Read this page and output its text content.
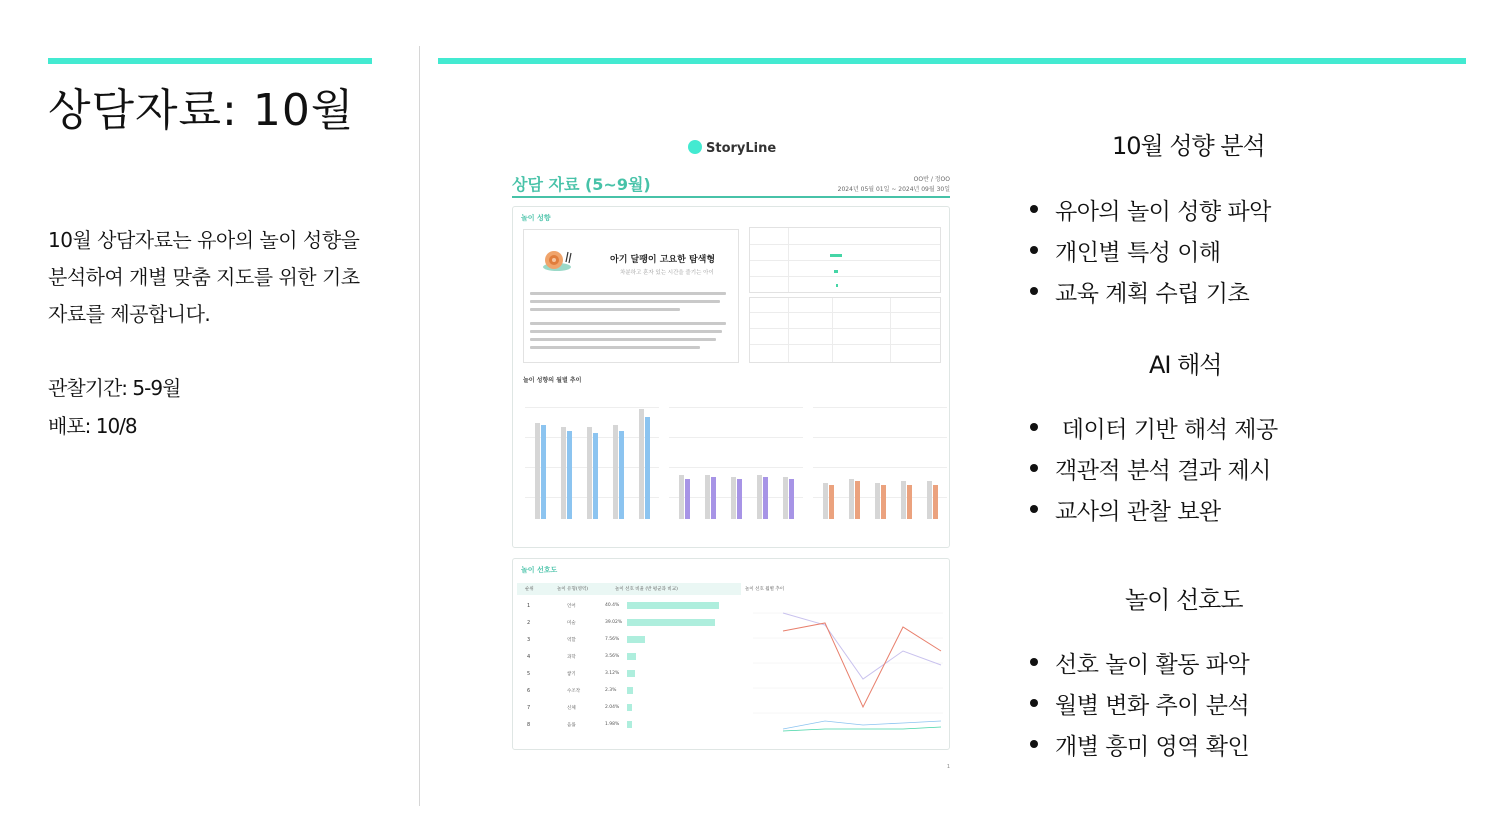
상담자료: 10월
10월 상담자료는 유아의 놀이 성향을 분석하여 개별 맞춤 지도를 위한 기초 자료를 제공합니다.
관찰기간: 5-9월
배포: 10/8
StoryLine
상담 자료 (5~9월)	OO반 / 정OO
2024년 05월 01일 ~ 2024년 09월 30일
놀이 성향
아기 달팽이 고요한 탐색형
차분하고 혼자 있는 시간을 즐기는 아이
놀이 성향의 월별 추이
놀이 선호도
순위	놀이 유형(영역)	놀이 선호 비율 (반 평균과 비교)	놀이 선호 월별 추이
1	언어	40.4%
2	미술	39.02%
3	역할	7.56%
4	과학	3.56%
5	쌓기	3.12%
6	수조작	2.3%
7	신체	2.04%
8	음률	1.98%
1
10월 성향 분석
유아의 놀이 성향 파악
개인별 특성 이해
교육 계획 수립 기초
AI 해석
데이터 기반 해석 제공
객관적 분석 결과 제시
교사의 관찰 보완
놀이 선호도
선호 놀이 활동 파악
월별 변화 추이 분석
개별 흥미 영역 확인
